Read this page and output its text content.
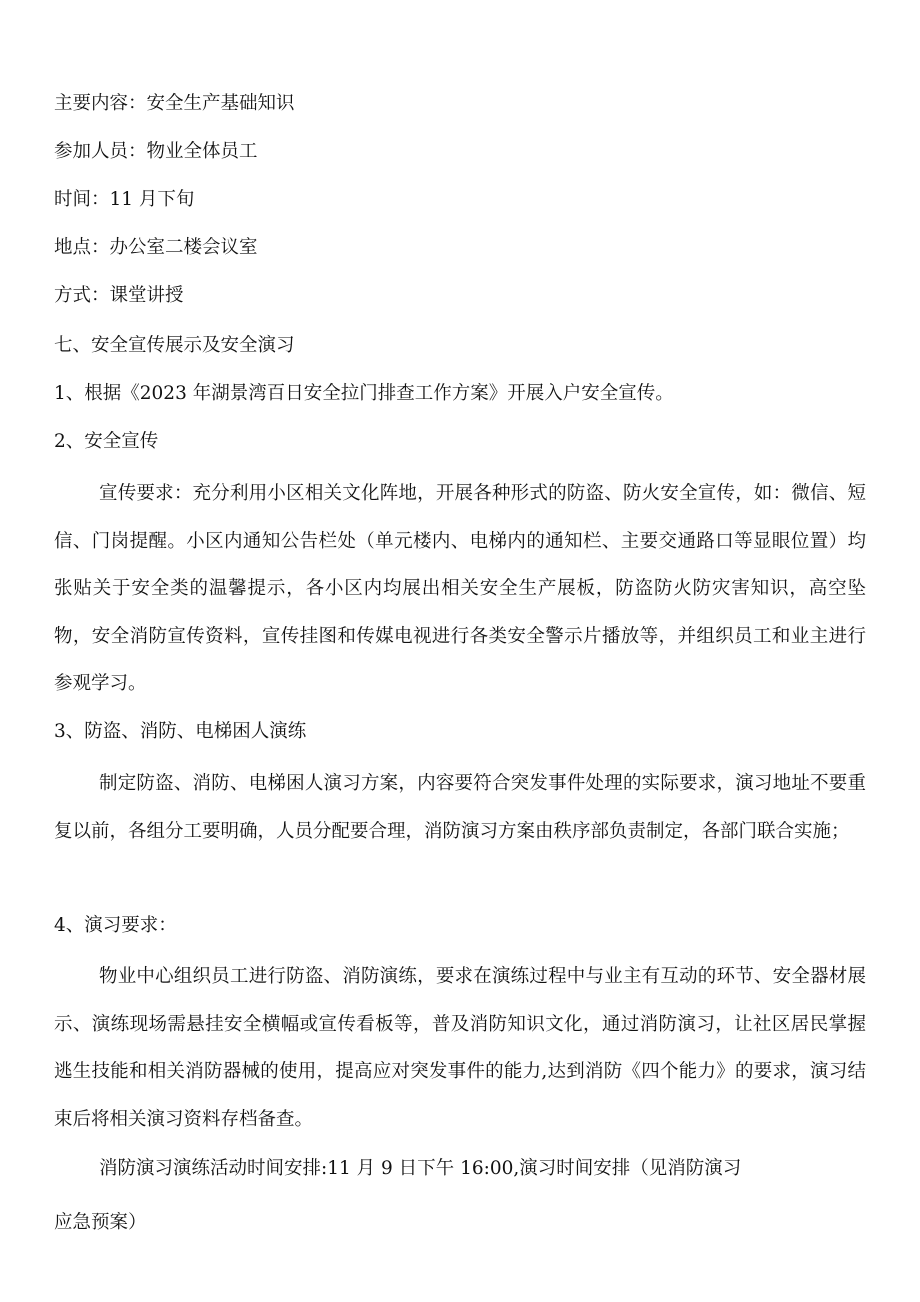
主要内容：安全生产基础知识
参加人员：物业全体员工
时间：11 月下旬
地点：办公室二楼会议室
方式：课堂讲授
七、安全宣传展示及安全演习
1、根据《2023 年湖景湾百日安全拉门排查工作方案》开展入户安全宣传。
2、安全宣传
宣传要求：充分利用小区相关文化阵地，开展各种形式的防盗、防火安全宣传，如：微信、短信、门岗提醒。小区内通知公告栏处（单元楼内、电梯内的通知栏、主要交通路口等显眼位置）均张贴关于安全类的温馨提示，各小区内均展出相关安全生产展板，防盗防火防灾害知识，高空坠物，安全消防宣传资料，宣传挂图和传媒电视进行各类安全警示片播放等，并组织员工和业主进行参观学习。
3、防盗、消防、电梯困人演练
制定防盗、消防、电梯困人演习方案，内容要符合突发事件处理的实际要求，演习地址不要重复以前，各组分工要明确，人员分配要合理，消防演习方案由秩序部负责制定，各部门联合实施；
4、演习要求：
物业中心组织员工进行防盗、消防演练，要求在演练过程中与业主有互动的环节、安全器材展示、演练现场需悬挂安全横幅或宣传看板等，普及消防知识文化，通过消防演习，让社区居民掌握逃生技能和相关消防器械的使用，提高应对突发事件的能力,达到消防《四个能力》的要求，演习结束后将相关演习资料存档备查。
消防演习演练活动时间安排:11 月 9 日下午 16:00,演习时间安排（见消防演习
应急预案）
